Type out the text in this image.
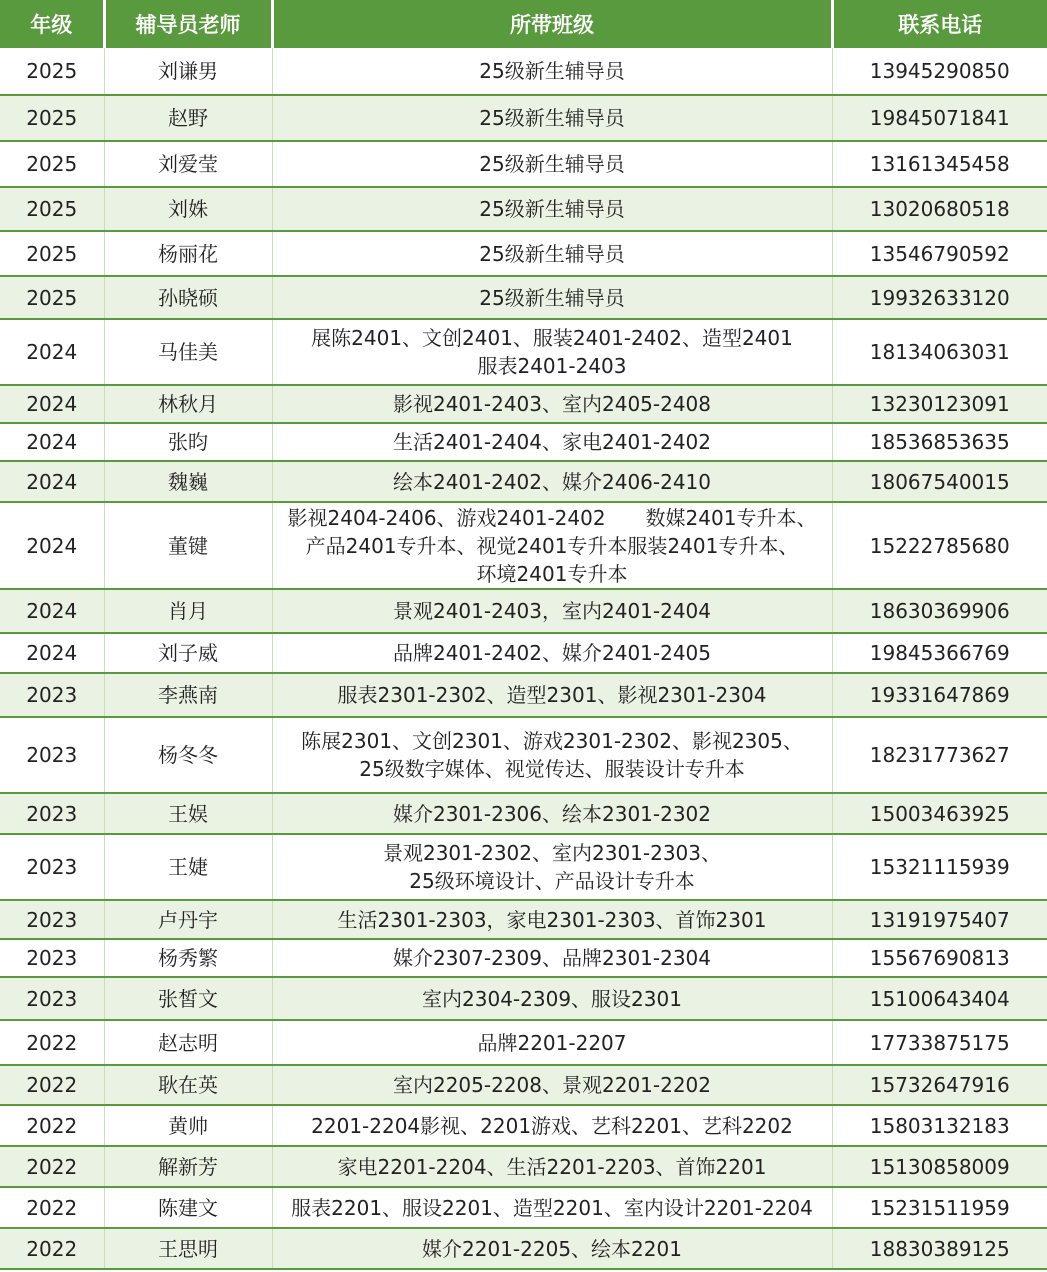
年级	辅导员老师	所带班级	联系电话
2025	刘谦男	25级新生辅导员	13945290850
2025	赵野	25级新生辅导员	19845071841
2025	刘爱莹	25级新生辅导员	13161345458
2025	刘姝	25级新生辅导员	13020680518
2025	杨丽花	25级新生辅导员	13546790592
2025	孙晓硕	25级新生辅导员	19932633120
2024	马佳美	展陈2401、文创2401、服装2401-2402、造型2401
服表2401-2403	18134063031
2024	林秋月	影视2401-2403、室内2405-2408	13230123091
2024	张昀	生活2401-2404、家电2401-2402	18536853635
2024	魏巍	绘本2401-2402、媒介2406-2410	18067540015
2024	董键	影视2404-2406、游戏2401-2402　　数媒2401专升本、
产品2401专升本、视觉2401专升本服装2401专升本、
环境2401专升本	15222785680
2024	肖月	景观2401-2403，室内2401-2404	18630369906
2024	刘子威	品牌2401-2402、媒介2401-2405	19845366769
2023	李燕南	服表2301-2302、造型2301、影视2301-2304	19331647869
2023	杨冬冬	陈展2301、文创2301、游戏2301-2302、影视2305、
25级数字媒体、视觉传达、服装设计专升本	18231773627
2023	王娱	媒介2301-2306、绘本2301-2302	15003463925
2023	王婕	景观2301-2302、室内2301-2303、
25级环境设计、产品设计专升本	15321115939
2023	卢丹宇	生活2301-2303，家电2301-2303、首饰2301	13191975407
2023	杨秀繁	媒介2307-2309、品牌2301-2304	15567690813
2023	张皙文	室内2304-2309、服设2301	15100643404
2022	赵志明	品牌2201-2207	17733875175
2022	耿在英	室内2205-2208、景观2201-2202	15732647916
2022	黄帅	2201-2204影视、2201游戏、艺科2201、艺科2202	15803132183
2022	解新芳	家电2201-2204、生活2201-2203、首饰2201	15130858009
2022	陈建文	服表2201、服设2201、造型2201、室内设计2201-2204	15231511959
2022	王思明	媒介2201-2205、绘本2201	18830389125
